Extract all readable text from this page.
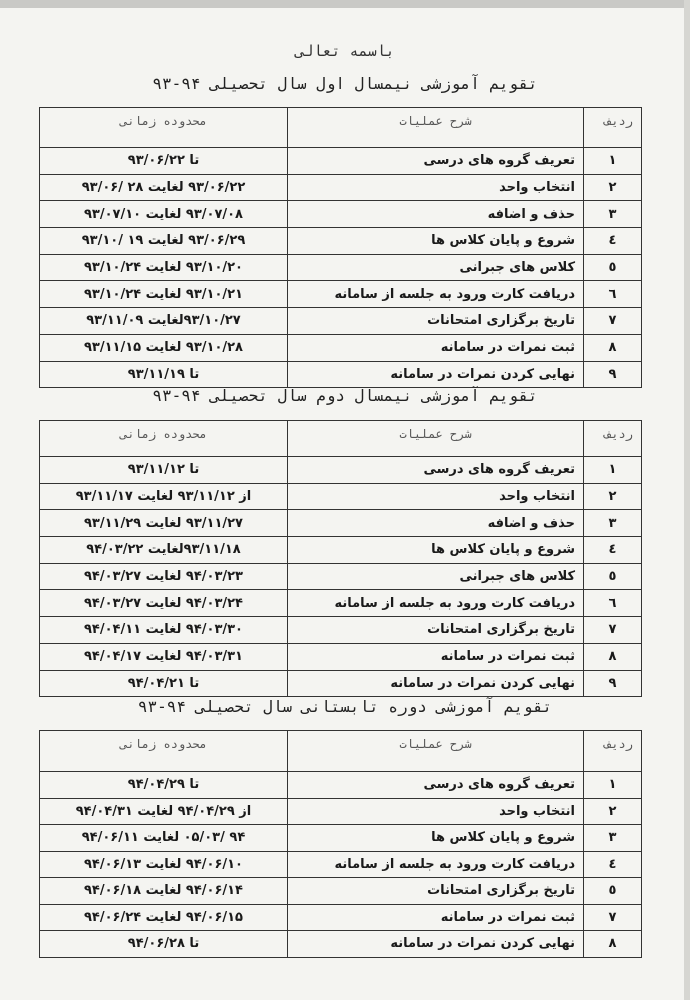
باسمه تعالی
تقویم آموزشی نیمسال اول سال تحصیلی ۹۴-۹۳
ردیف	شرح عملیات	محدوده زمانی
۱	تعریف گروه های درسی	تا ۹۳/۰۶/۲۲
۲	انتخاب واحد	۹۳/۰۶/۲۲ لغایت ۲۸ /۹۳/۰۶
۳	حذف و اضافه	۹۳/۰۷/۰۸ لغایت ۹۳/۰۷/۱۰
٤	شروع و پایان کلاس ها	۹۳/۰۶/۲۹ لغایت ۱۹ /۹۳/۱۰
٥	کلاس های جبرانی	۹۳/۱۰/۲۰ لغایت ۹۳/۱۰/۲۴
٦	دریافت کارت ورود به جلسه از سامانه	۹۳/۱۰/۲۱ لغایت ۹۳/۱۰/۲۴
۷	تاریخ برگزاری امتحانات	۹۳/۱۰/۲۷لغایت ۹۳/۱۱/۰۹
۸	ثبت نمرات در سامانه	۹۳/۱۰/۲۸ لغایت ۹۳/۱۱/۱۵
۹	نهایی کردن نمرات در سامانه	تا ۹۳/۱۱/۱۹
تقویم آموزشی نیمسال دوم سال تحصیلی ۹۴-۹۳
ردیف	شرح عملیات	محدوده زمانی
۱	تعریف گروه های درسی	تا ۹۳/۱۱/۱۲
۲	انتخاب واحد	از ۹۳/۱۱/۱۲ لغایت ۹۳/۱۱/۱۷
۳	حذف و اضافه	۹۳/۱۱/۲۷ لغایت ۹۳/۱۱/۲۹
٤	شروع و پایان کلاس ها	۹۳/۱۱/۱۸لغایت ۹۴/۰۳/۲۲
٥	کلاس های جبرانی	۹۴/۰۳/۲۳ لغایت ۹۴/۰۳/۲۷
٦	دریافت کارت ورود به جلسه از سامانه	۹۴/۰۳/۲۴ لغایت ۹۴/۰۳/۲۷
۷	تاریخ برگزاری امتحانات	۹۴/۰۳/۳۰ لغایت ۹۴/۰۴/۱۱
۸	ثبت نمرات در سامانه	۹۴/۰۳/۳۱ لغایت ۹۴/۰۴/۱۷
۹	نهایی کردن نمرات در سامانه	تا ۹۴/۰۴/۲۱
تقویم آموزشی دوره تابستانی سال تحصیلی ۹۴-۹۳
ردیف	شرح عملیات	محدوده زمانی
۱	تعریف گروه های درسی	تا ۹۴/۰۴/۲۹
۲	انتخاب واحد	از ۹۴/۰۴/۲۹ لغایت ۹۴/۰۴/۳۱
۳	شروع و پایان کلاس ها	۹۴ /۰۵/۰۳ لغایت ۹۴/۰۶/۱۱
٤	دریافت کارت ورود به جلسه از سامانه	۹۴/۰۶/۱۰ لغایت ۹۴/۰۶/۱۳
٥	تاریخ برگزاری امتحانات	۹۴/۰۶/۱۴ لغایت ۹۴/۰۶/۱۸
۷	ثبت نمرات در سامانه	۹۴/۰۶/۱۵ لغایت ۹۴/۰۶/۲۴
۸	نهایی کردن نمرات در سامانه	تا ۹۴/۰۶/۲۸
